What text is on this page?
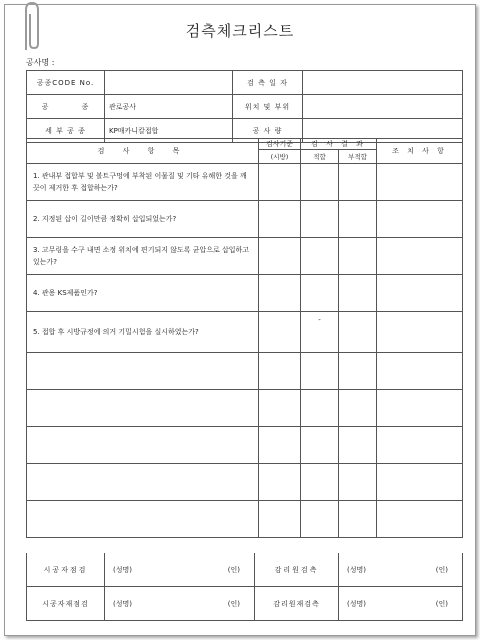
검측체크리스트
공사명 :
공종CODE No.		검 측 일 자	
공          종	관로공사	위치 및 부위	
세 부 공 종	KP매카니칼접합	공 사 량	
검 사 항 목	검사기준	검 사 결 과		조 치 사 항
	(시방)	적합	부적합	
1. 관내부 접합부 및 볼트구멍에 부착된 이물질 및 기타 유해한 것을 깨끗이 제거한 후 접합하는가?				
2. 지정된 삽이 길이만큼 정확히 삽입되었는가?				
3. 고무링을 수구 내면 소정 위치에 편기되지 않도록 균압으로 삽입하고 있는가?				
4. 관용 KS제품인가?				
5. 접합 후 시방규정에 의거 기밀시험을 실시하였는가?		-		

시공자점검	(성명) (인)	감리원검측	(성명) (인)

시공자재점검	(성명) (인)	감리원재검측	(성명) (인)
